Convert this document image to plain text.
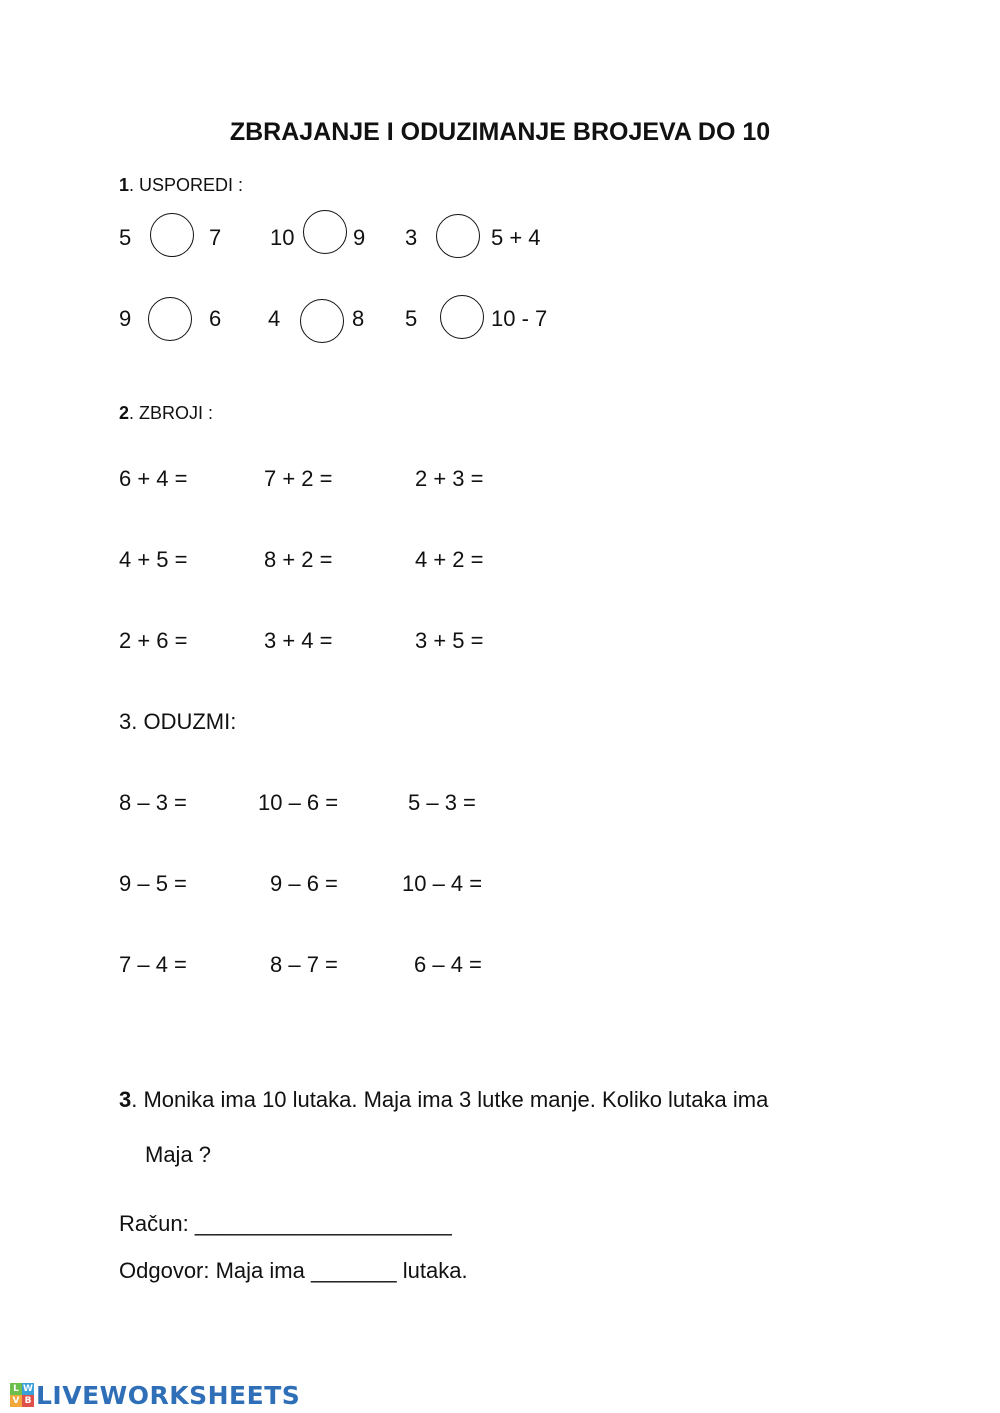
ZBRAJANJE I ODUZIMANJE BROJEVA DO 10
1. USPOREDI :
5	7 10	9 3	5 + 4
9	6 4	8 5	10 - 7
2. ZBROJI :
6 + 4 =	7 + 2 =	2 + 3 =
4 + 5 =	8 + 2 =	4 + 2 =
2 + 6 =	3 + 4 =	3 + 5 =
3. ODUZMI:
8 – 3 =	10 – 6 =	5 – 3 =
9 – 5 =	9 – 6 =	10 – 4 =
7 – 4 =	8 – 7 =	6 – 4 =
3. Monika ima 10 lutaka. Maja ima 3 lutke manje. Koliko lutaka ima
Maja ?
Račun: _____________________
Odgovor: Maja ima _______ lutaka.
L W
V B LIVEWORKSHEETS
